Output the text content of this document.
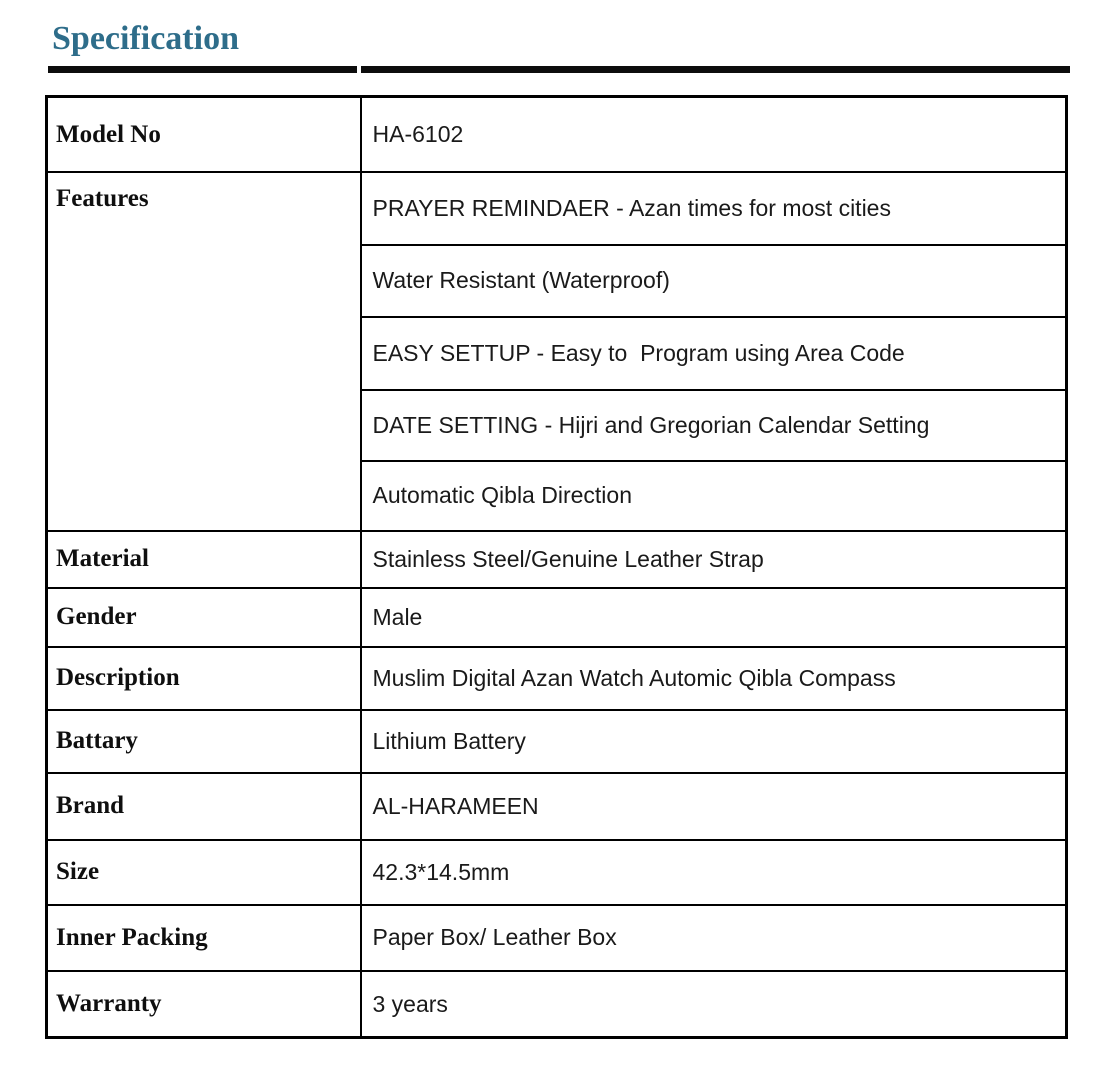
Specification
Model No	HA-6102
Features	PRAYER REMINDAER - Azan times for most cities
	Water Resistant (Waterproof)
	EASY SETTUP - Easy to  Program using Area Code
	DATE SETTING - Hijri and Gregorian Calendar Setting
	Automatic Qibla Direction
Material	Stainless Steel/Genuine Leather Strap
Gender	Male
Description	Muslim Digital Azan Watch Automic Qibla Compass
Battary	Lithium Battery
Brand	AL-HARAMEEN
Size	42.3*14.5mm
Inner Packing	Paper Box/ Leather Box
Warranty	3 years
